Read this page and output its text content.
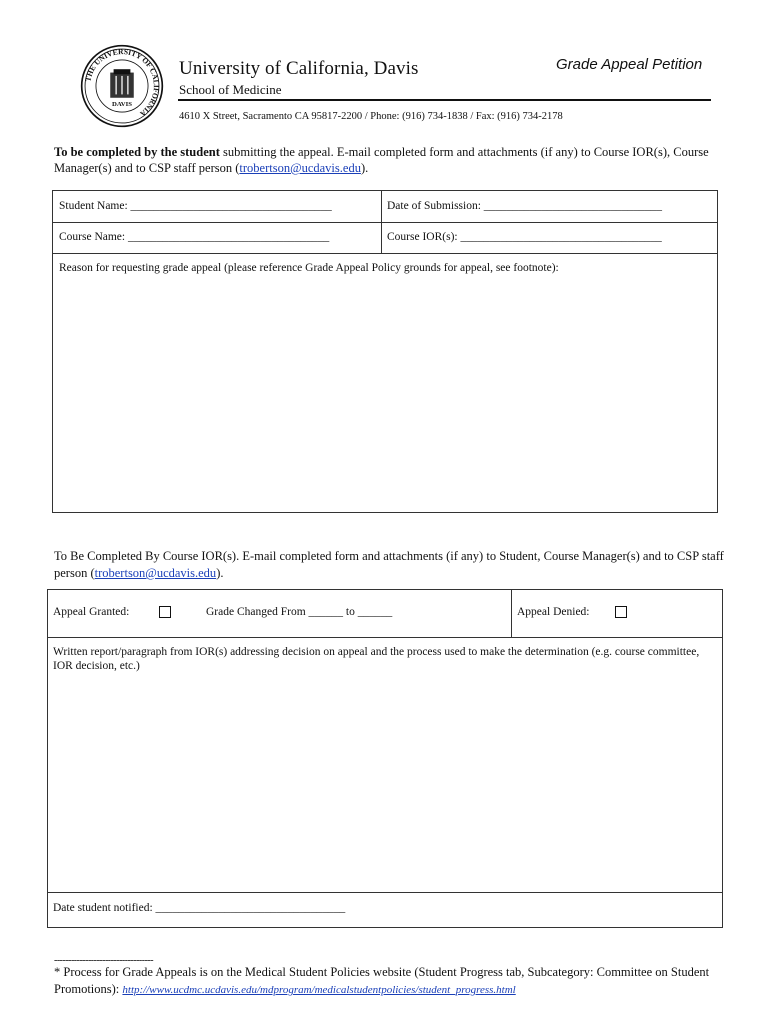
THE UNIVERSITY OF CALIFORNIA
DAVIS
University of California, Davis
School of Medicine
Grade Appeal Petition
4610 X Street, Sacramento CA 95817-2200 / Phone: (916) 734-1838 / Fax: (916) 734-2178
To be completed by the student submitting the appeal. E-mail completed form and attachments (if any) to Course IOR(s), Course Manager(s) and to CSP staff person (trobertson@ucdavis.edu).
Student Name: ___________________________________	Date of Submission: _______________________________
Course Name: ___________________________________	Course IOR(s): ___________________________________
Reason for requesting grade appeal (please reference Grade Appeal Policy grounds for appeal, see footnote):
To Be Completed By Course IOR(s). E-mail completed form and attachments (if any) to Student, Course Manager(s) and to CSP staff person (trobertson@ucdavis.edu).
Appeal Granted:	Grade Changed From ______ to ______	Appeal Denied:
Written report/paragraph from IOR(s) addressing decision on appeal and the process used to make the determination (e.g. course committee, IOR decision, etc.)
Date student notified: _________________________________
-----------------------------------
* Process for Grade Appeals is on the Medical Student Policies website (Student Progress tab, Subcategory: Committee on Student Promotions): http://www.ucdmc.ucdavis.edu/mdprogram/medicalstudentpolicies/student_progress.html
